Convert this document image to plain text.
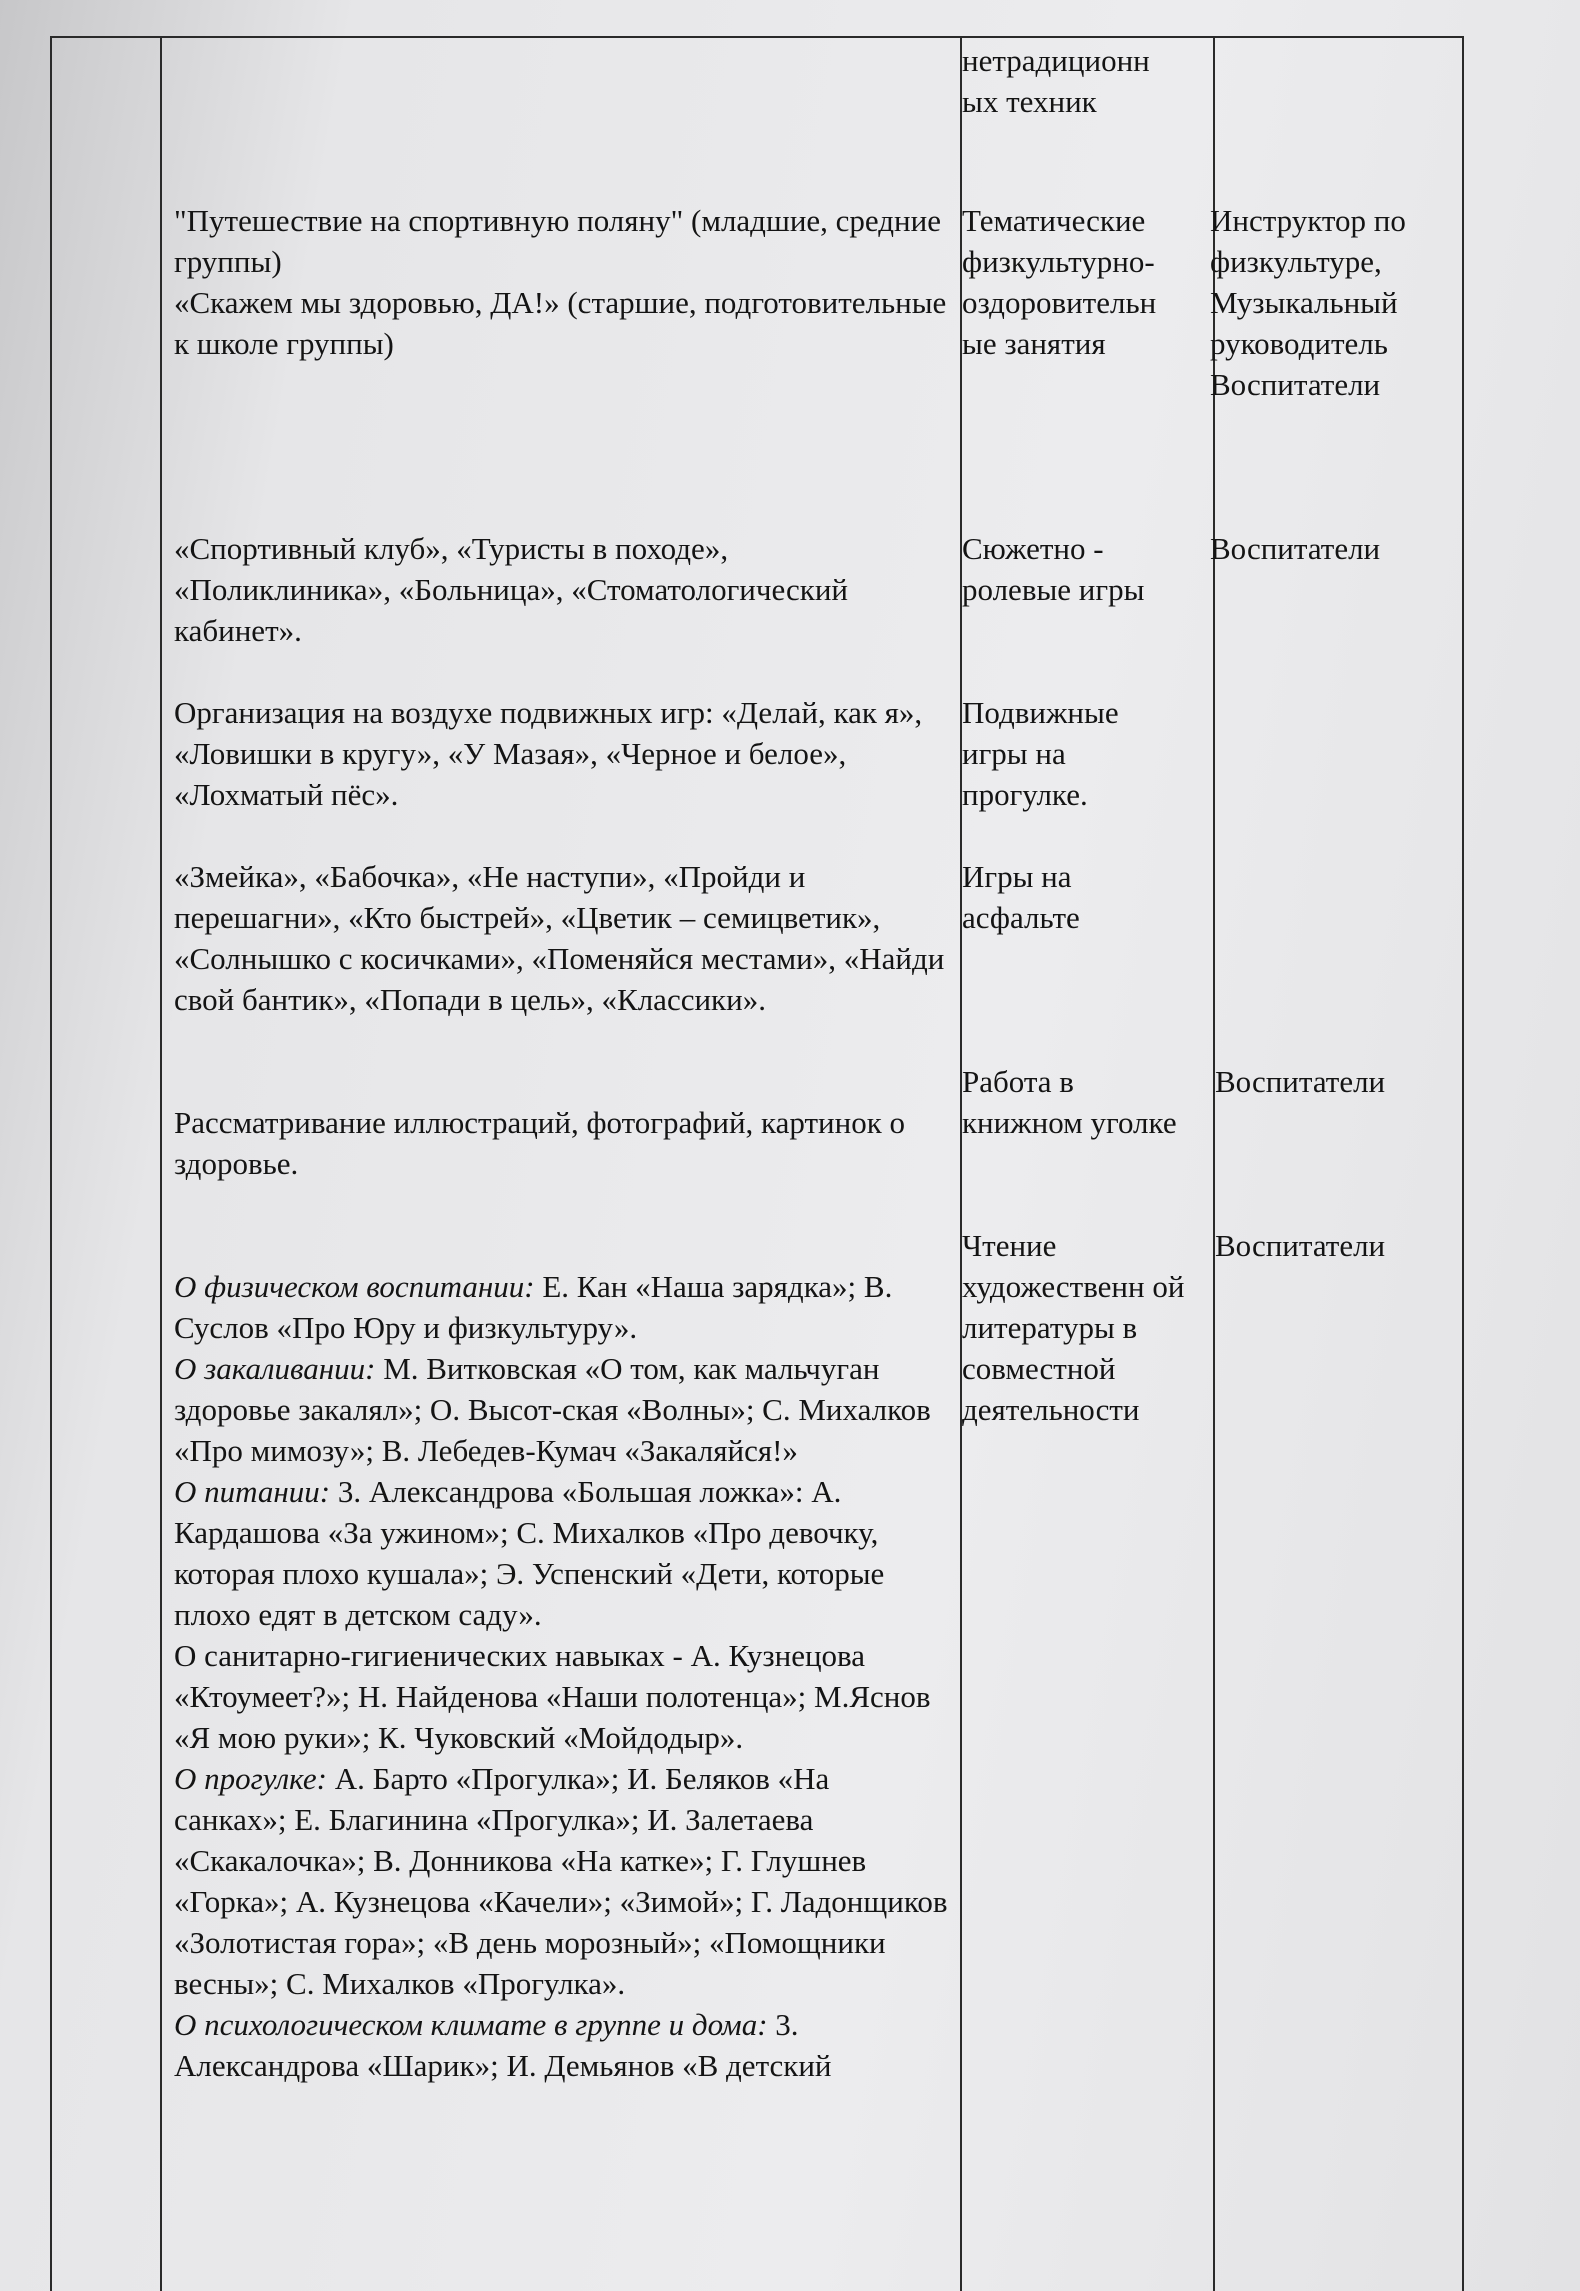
нетрадиционн ых техник

"Путешествие на спортивную поляну" (младшие, средние группы)

«Скажем мы здоровью, ДА!» (старшие, подготовительные к школе группы)

Тематические физкультурно-оздоровительн ые занятия
Инструктор по физкультуре, Музыкальный руководитель Воспитатели
«Спортивный клуб», «Туристы в походе», «Поликлиника», «Больница», «Стоматологический кабинет».
Сюжетно - ролевые игры
Воспитатели
Организация на воздухе подвижных игр: «Делай, как я», «Ловишки в кругу», «У Мазая», «Черное и белое», «Лохматый пёс».
Подвижные игры на прогулке.
«Змейка», «Бабочка», «Не наступи», «Пройди и перешагни», «Кто быстрей», «Цветик – семицветик», «Солнышко с косичками», «Поменяйся местами», «Найди свой бантик», «Попади в цель», «Классики».
Игры на асфальте
Рассматривание иллюстраций, фотографий, картинок о здоровье.
Работа в книжном уголке
Воспитатели
Чтение художественн ой литературы в совместной деятельности
Воспитатели

О физическом воспитании: Е. Кан «Наша зарядка»; В. Суслов «Про Юру и физкультуру».

О закаливании: М. Витковская «О том, как мальчуган здоровье закалял»; О. Высот-ская «Волны»; С. Михалков «Про мимозу»; В. Лебедев-Кумач «Закаляйся!»

О питании: 3. Александрова «Большая ложка»: А. Кардашова «За ужином»; С. Михалков «Про девочку, которая плохо кушала»; Э. Успенский «Дети, которые плохо едят в детском саду».

О санитарно-гигиенических навыках - А. Кузнецова «Ктоумеет?»; Н. Найденова «Наши полотенца»; М.Яснов «Я мою руки»; К. Чуковский «Мойдодыр».

О прогулке: А. Барто «Прогулка»; И. Беляков «На санках»; Е. Благинина «Прогулка»; И. Залетаева «Скакалочка»; В. Донникова «На катке»; Г. Глушнев «Горка»; А. Кузнецова «Качели»; «Зимой»; Г. Ладонщиков «Золотистая гора»; «В день морозный»; «Помощники весны»; С. Михалков «Прогулка».

О психологическом климате в группе и дома: 3. Александрова «Шарик»; И. Демьянов «В детский
